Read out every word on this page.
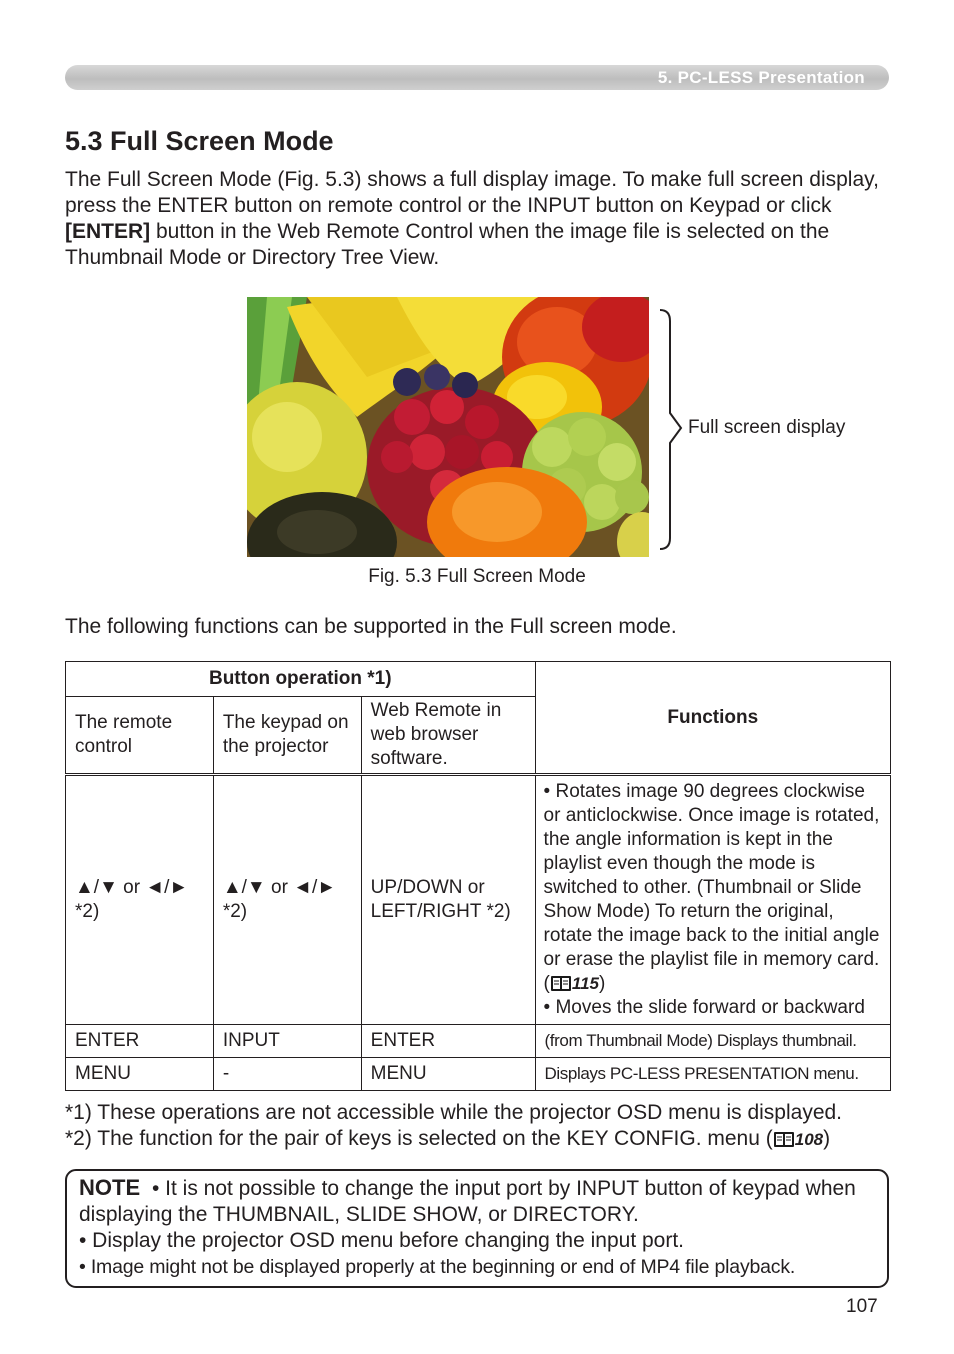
5. PC-LESS Presentation
5.3 Full Screen Mode

The Full Screen Mode (Fig. 5.3) shows a full display image. To make full screen display, press the ENTER button on remote control or the INPUT button on Keypad or click [ENTER] button in the Web Remote Control when the image file is selected on the Thumbnail Mode or Directory Tree View.

Full screen display
Fig. 5.3 Full Screen Mode
The following functions can be supported in the Full screen mode.
Button operation *1)			Functions
The remote control	The keypad on the projector	Web Remote in web browser software.	
▲/▼ or ◄/► *2)	▲/▼ or ◄/► *2)	UP/DOWN or LEFT/RIGHT *2)	• Rotates image 90 degrees clockwise or anticlockwise. Once image is rotated, the angle information is kept in the playlist even though the mode is switched to other. (Thumbnail or Slide Show Mode) To return the original, rotate the image back to the initial angle or erase the playlist file in memory card. ( 115)
• Moves the slide forward or backward
ENTER	INPUT	ENTER	(from Thumbnail Mode) Displays thumbnail.
MENU	-	MENU	Displays PC-LESS PRESENTATION menu.
*1) These operations are not accessible while the projector OSD menu is displayed.
*2) The function for the pair of keys is selected on the KEY CONFIG. menu ( 108)
NOTE • It is not possible to change the input port by INPUT button of keypad when displaying the THUMBNAIL, SLIDE SHOW, or DIRECTORY.
• Display the projector OSD menu before changing the input port.
• Image might not be displayed properly at the beginning or end of MP4 file playback.
107
